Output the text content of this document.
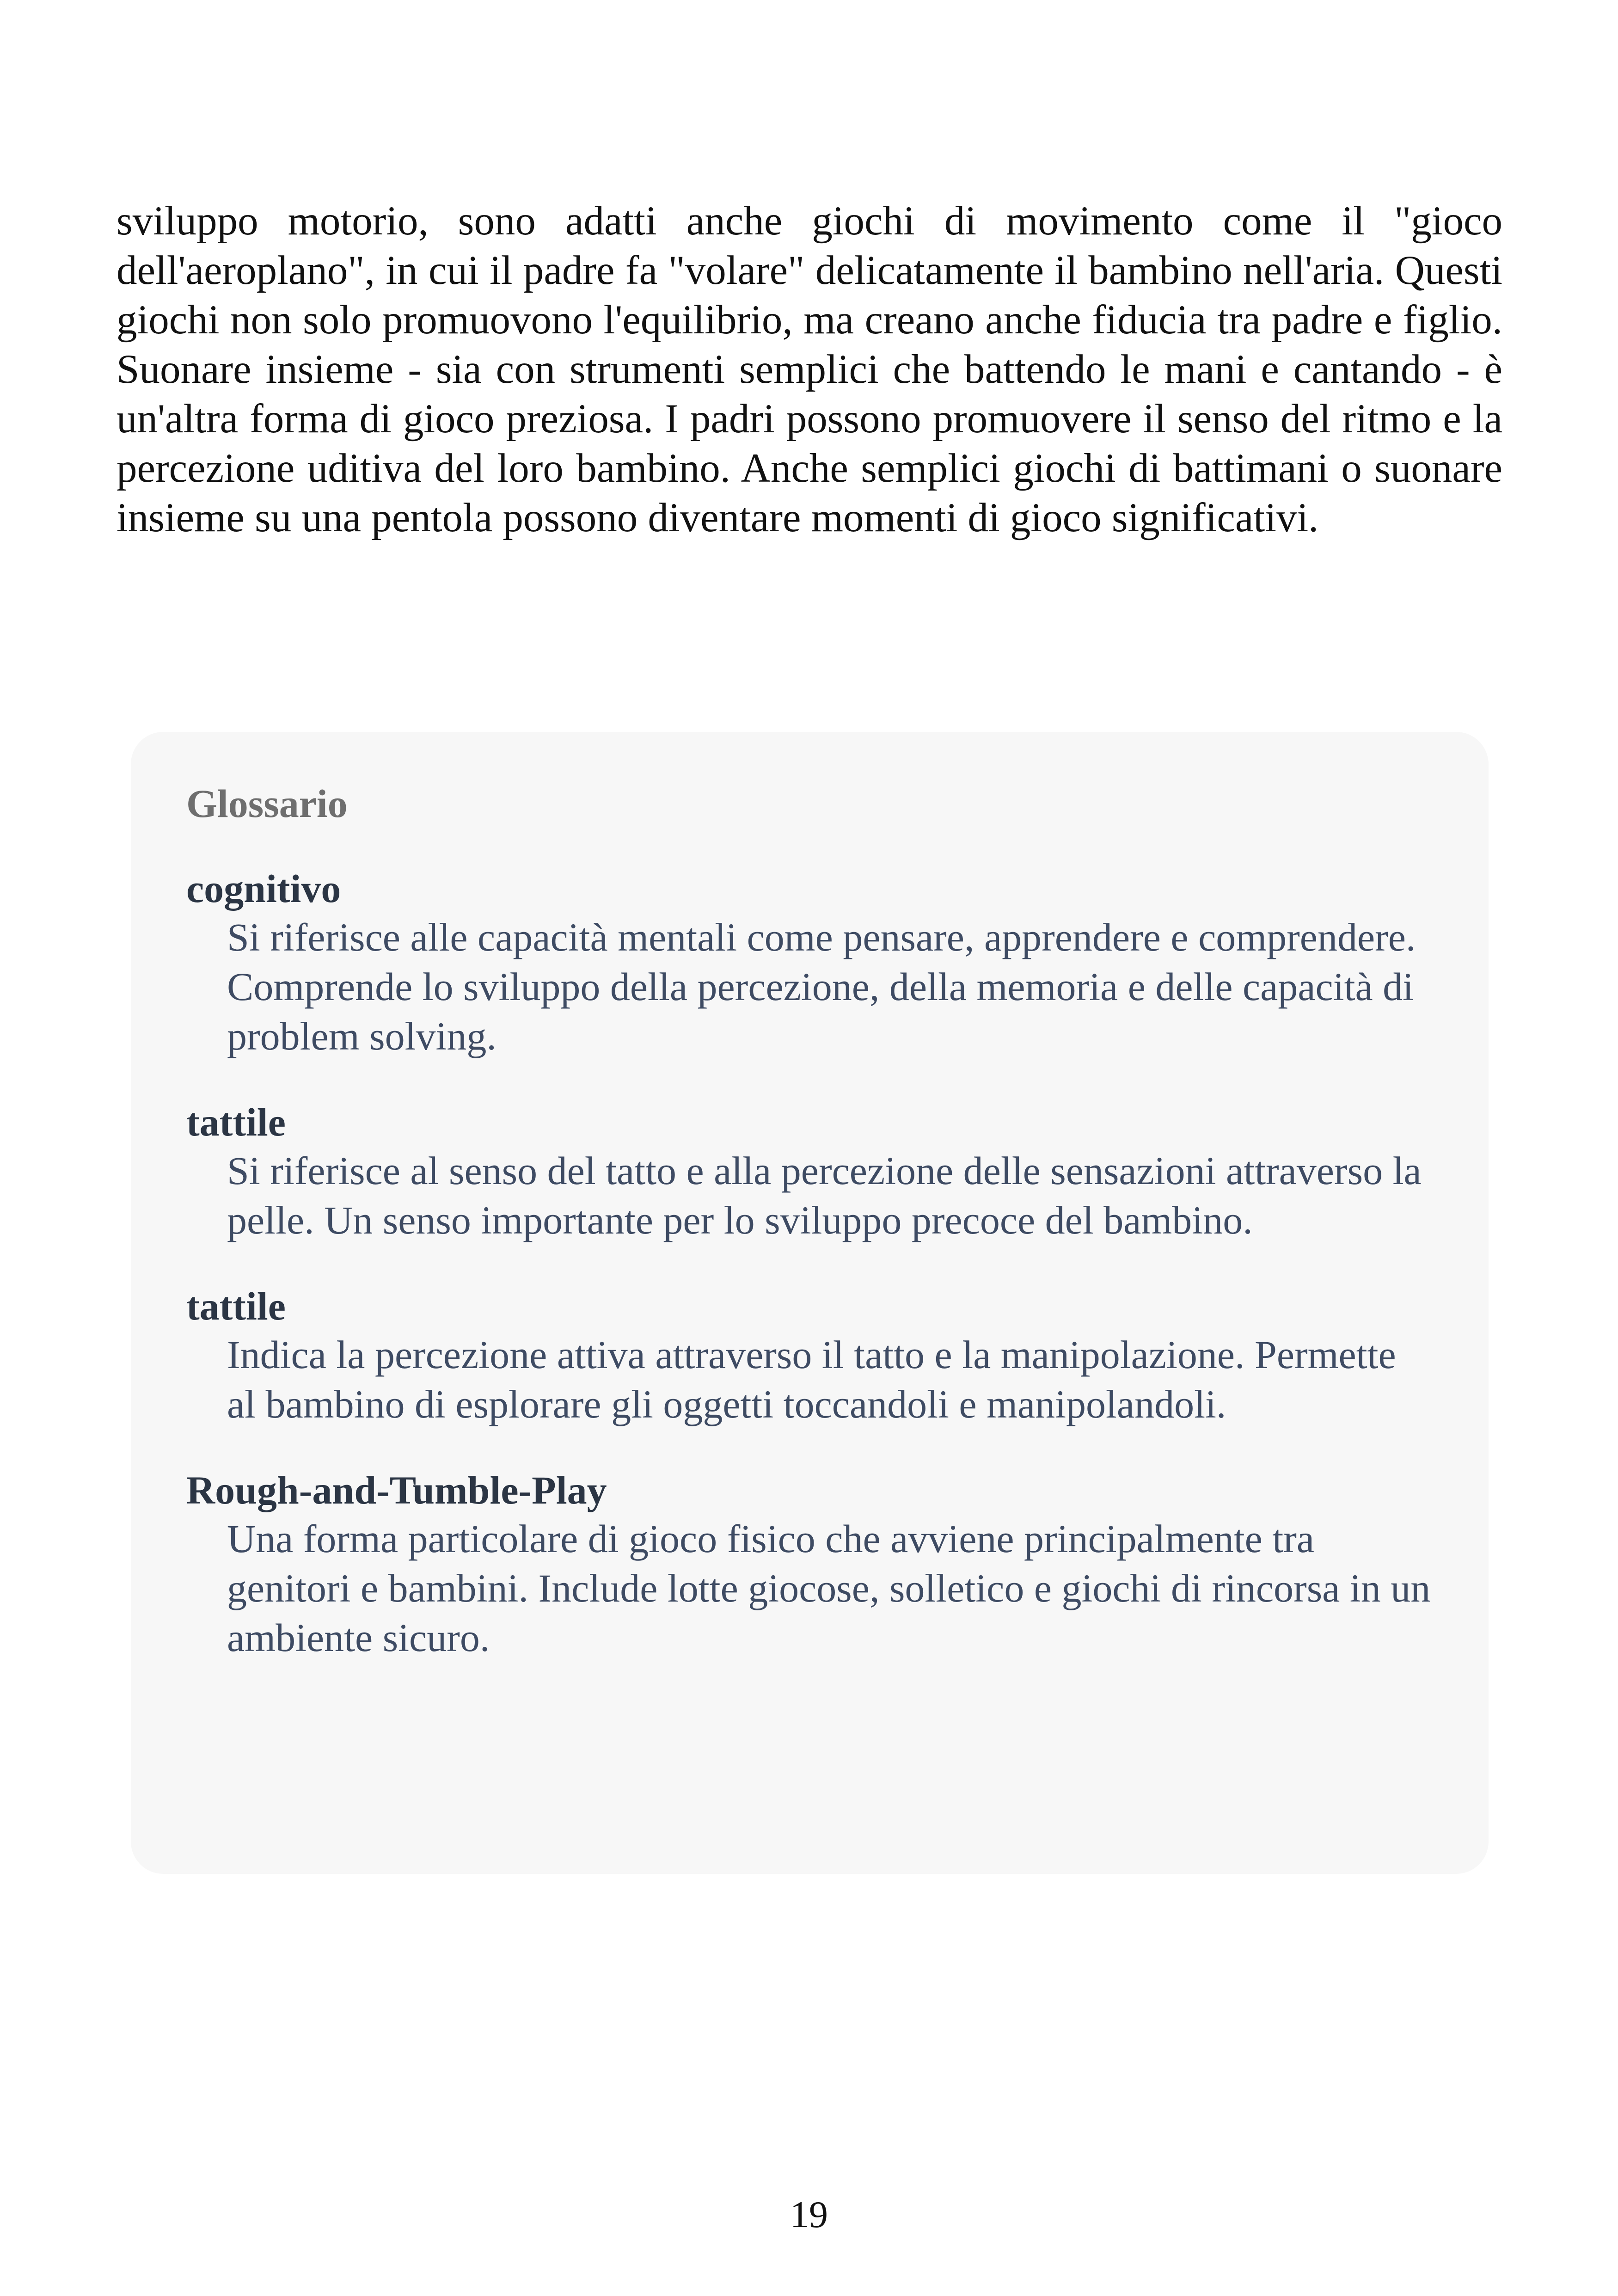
sviluppo motorio, sono adatti anche giochi di movimento come il "gioco dell'aeroplano", in cui il padre fa "volare" delicatamente il bambino nell'aria. Questi giochi non solo promuovono l'equilibrio, ma creano anche fiducia tra padre e figlio. Suonare insieme - sia con strumenti semplici che battendo le mani e cantando - è un'altra forma di gioco preziosa. I padri possono promuovere il senso del ritmo e la percezione uditiva del loro bambino. Anche semplici giochi di battimani o suonare insieme su una pentola possono diventare momenti di gioco significativi.

Glossario

cognitivo

Si riferisce alle capacità mentali come pensare, apprendere e comprendere. Comprende lo sviluppo della percezione, della memoria e delle capacità di problem solving.

tattile

Si riferisce al senso del tatto e alla percezione delle sensazioni attraverso la pelle. Un senso importante per lo sviluppo precoce del bambino.

tattile

Indica la percezione attiva attraverso il tatto e la manipolazione. Permette al bambino di esplorare gli oggetti toccandoli e manipolandoli.

Rough-and-Tumble-Play

Una forma particolare di gioco fisico che avviene principalmente tra genitori e bambini. Include lotte giocose, solletico e giochi di rincorsa in un ambiente sicuro.

19
